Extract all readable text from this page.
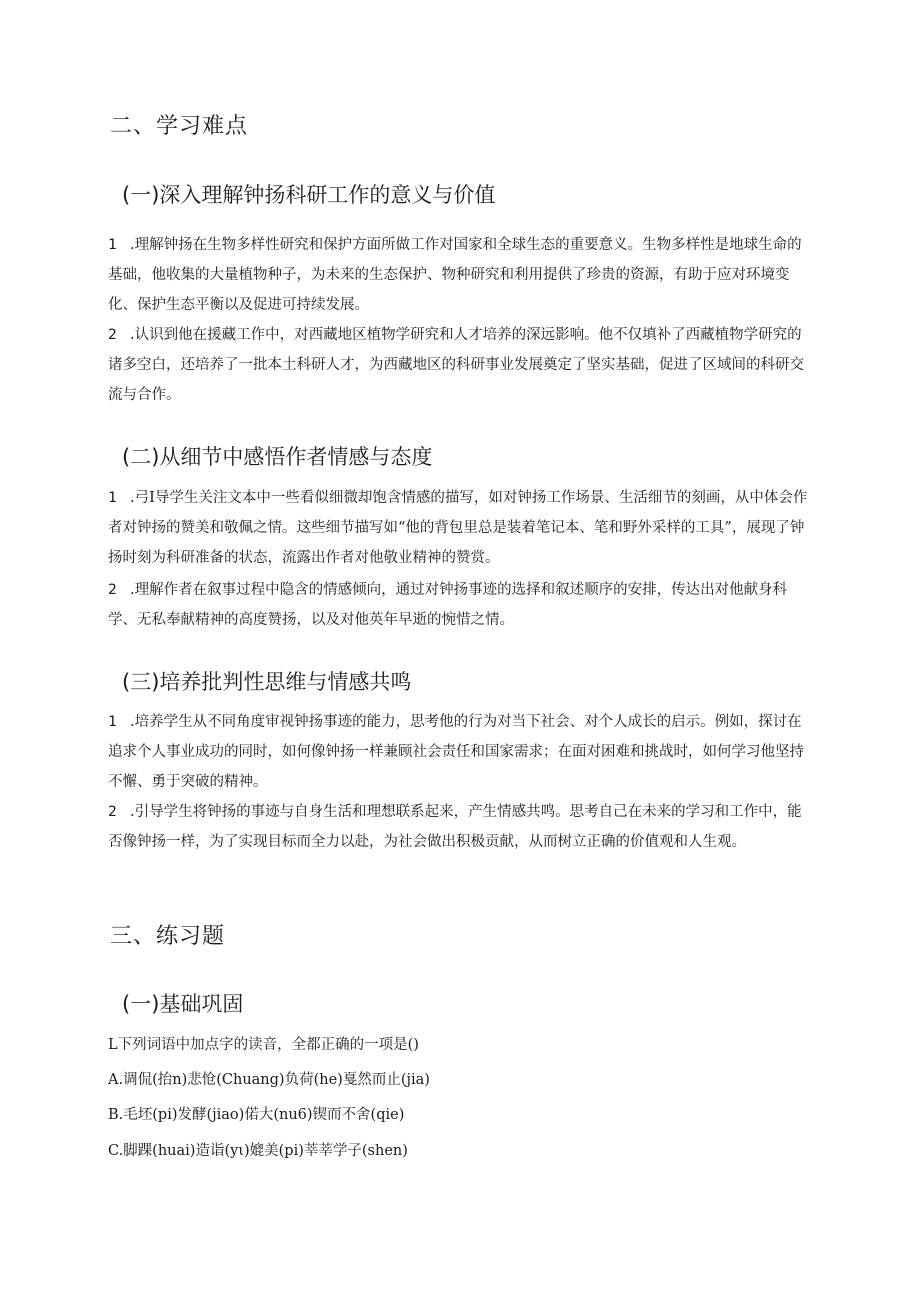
二、学习难点
(一)深入理解钟扬科研工作的意义与价值
1 .理解钟扬在生物多样性研究和保护方面所做工作对国家和全球生态的重要意义。生物多样性是地球生命的基础，他收集的大量植物种子，为未来的生态保护、物种研究和利用提供了珍贵的资源，有助于应对环境变化、保护生态平衡以及促进可持续发展。
2 .认识到他在援藏工作中，对西藏地区植物学研究和人才培养的深远影响。他不仅填补了西藏植物学研究的诸多空白，还培养了一批本土科研人才，为西藏地区的科研事业发展奠定了坚实基础，促进了区域间的科研交流与合作。
(二)从细节中感悟作者情感与态度
1 .弓I导学生关注文本中一些看似细微却饱含情感的描写，如对钟扬工作场景、生活细节的刻画，从中体会作者对钟扬的赞美和敬佩之情。这些细节描写如“他的背包里总是装着笔记本、笔和野外采样的工具”，展现了钟扬时刻为科研准备的状态，流露出作者对他敬业精神的赞赏。
2 .理解作者在叙事过程中隐含的情感倾向，通过对钟扬事迹的选择和叙述顺序的安排，传达出对他献身科学、无私奉献精神的高度赞扬，以及对他英年早逝的惋惜之情。
(三)培养批判性思维与情感共鸣
1 .培养学生从不同角度审视钟扬事迹的能力，思考他的行为对当下社会、对个人成长的启示。例如，探讨在追求个人事业成功的同时，如何像钟扬一样兼顾社会责任和国家需求；在面对困难和挑战时，如何学习他坚持不懈、勇于突破的精神。
2 .引导学生将钟扬的事迹与自身生活和理想联系起来，产生情感共鸣。思考自己在未来的学习和工作中，能否像钟扬一样，为了实现目标而全力以赴，为社会做出积极贡献，从而树立正确的价值观和人生观。
三、练习题
(一)基础巩固
L下列词语中加点字的读音，全都正确的一项是()
A.调侃(抬n)悲怆(Chuang)负荷(he)戛然而止(jia)
B.毛坯(pi)发酵(jiao)偌大(nu6)锲而不舍(qie)
C.脚踝(huai)造诣(yι)媲美(pi)莘莘学子(shen)
